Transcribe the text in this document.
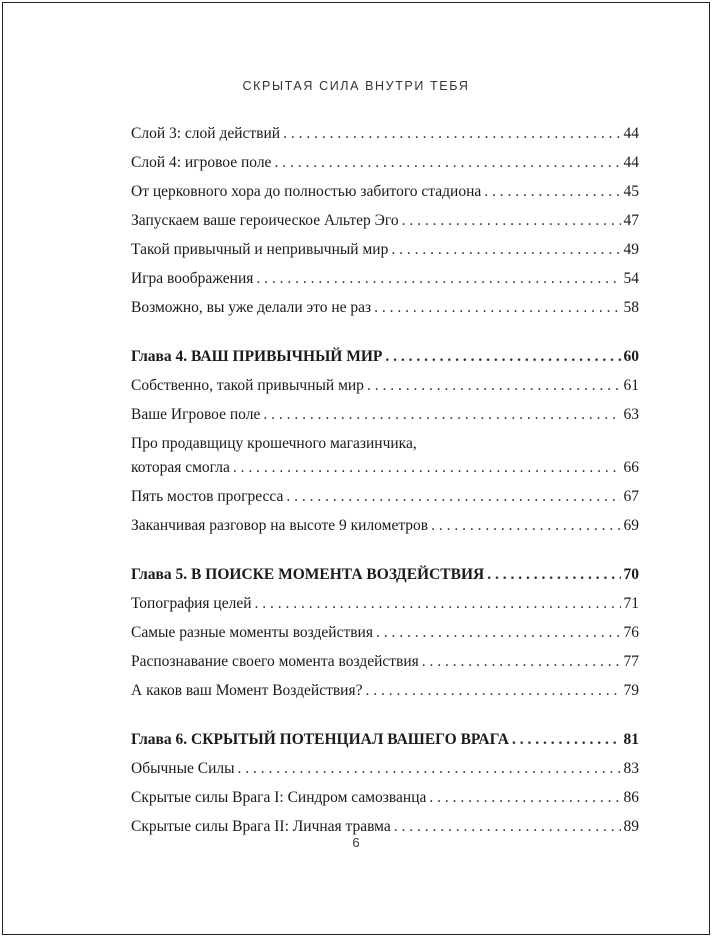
СКРЫТАЯ СИЛА ВНУТРИ ТЕБЯ
Слой 3: слой действий . . .	44
Слой 4: игровое поле . . .	44
От церковного хора до полностью забитого стадиона . . .	45
Запускаем ваше героическое Альтер Эго . . .	47
Такой привычный и непривычный мир . . .	49
Игра воображения . . .	54
Возможно, вы уже делали это не раз . . .	58
Глава 4. ВАШ ПРИВЫЧНЫЙ МИР . . .	60
Собственно, такой привычный мир . . .	61
Ваше Игровое поле . . .	63
Про продавщицу крошечного магазинчика,
которая смогла . . .	66
Пять мостов прогресса . . .	67
Заканчивая разговор на высоте 9 километров . . .	69
Глава 5. В ПОИСКЕ МОМЕНТА ВОЗДЕЙСТВИЯ . . .	70
Топография целей . . .	71
Самые разные моменты воздействия . . .	76
Распознавание своего момента воздействия . . .	77
А каков ваш Момент Воздействия? . . .	79
Глава 6. СКРЫТЫЙ ПОТЕНЦИАЛ ВАШЕГО ВРАГА . . .	81
Обычные Силы . . .	83
Скрытые силы Врага I: Синдром самозванца . . .	86
Скрытые силы Врага II: Личная травма . . .	89
6
